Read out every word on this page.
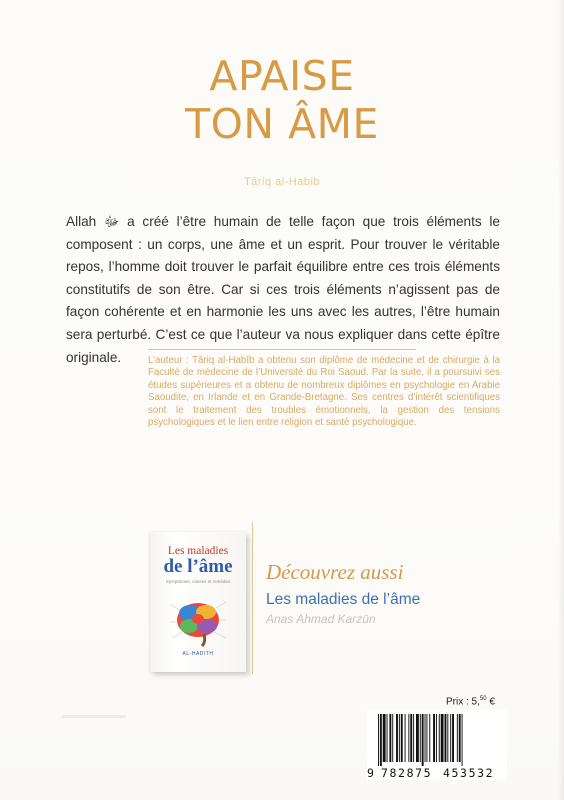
APAISE
TON ÂME
Tāriq al-Habib
Allah ﷻ a créé l’être humain de telle façon que trois éléments le composent : un corps, une âme et un esprit. Pour trouver le véritable repos, l’homme doit trouver le parfait équilibre entre ces trois éléments constitutifs de son être. Car si ces trois éléments n’agissent pas de façon cohérente et en harmonie les uns avec les autres, l’être humain sera perturbé. C’est ce que l’auteur va nous expliquer dans cette épître originale.	L’auteur : Tāriq al-Habīb a obtenu son diplôme de médecine et de chirurgie à la Faculté de médecine de l’Université du Roi Saoud. Par la suite, il a poursuivi ses études supérieures et a obtenu de nombreux diplômes en psychologie en Arabie Saoudite, en Irlande et en Grande-Bretagne. Ses centres d’intérêt scientifiques sont le traitement des troubles émotionnels, la gestion des tensions psychologiques et le lien entre religion et santé psychologique.
Les maladies
de l’âme
Symptômes, causes et remèdes
AL-HADITH
Découvrez aussi
Les maladies de l’âme
Anas Ahmad Karzūn
Prix : 5,50 €
9 782875 453532
